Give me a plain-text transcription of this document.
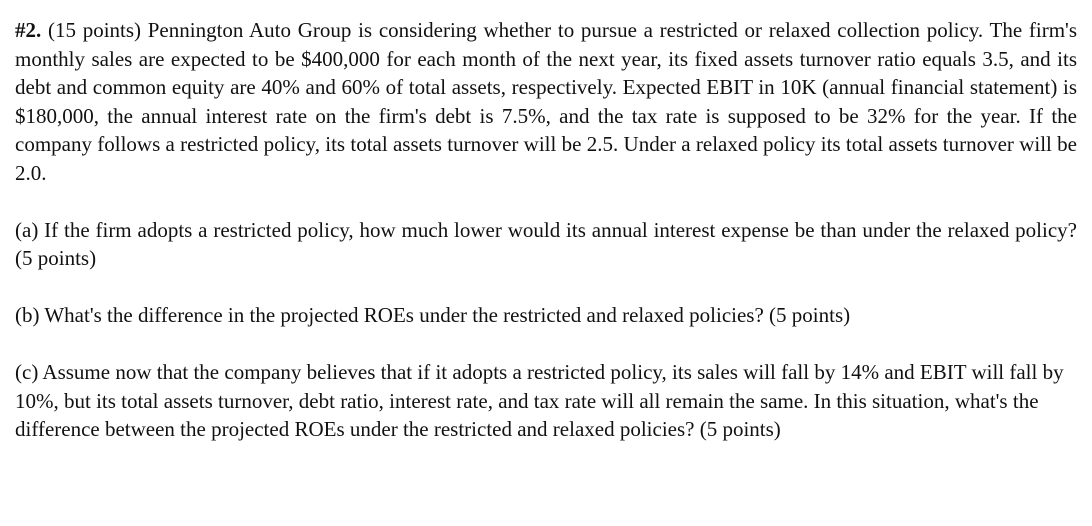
#2. (15 points) Pennington Auto Group is considering whether to pursue a restricted or relaxed collection policy. The firm's monthly sales are expected to be $400,000 for each month of the next year, its fixed assets turnover ratio equals 3.5, and its debt and common equity are 40% and 60% of total assets, respectively. Expected EBIT in 10K (annual financial statement) is $180,000, the annual interest rate on the firm's debt is 7.5%, and the tax rate is supposed to be 32% for the year. If the company follows a restricted policy, its total assets turnover will be 2.5. Under a relaxed policy its total assets turnover will be 2.0.

(a) If the firm adopts a restricted policy, how much lower would its annual interest expense be than under the relaxed policy? (5 points)

(b) What's the difference in the projected ROEs under the restricted and relaxed policies? (5 points)

(c) Assume now that the company believes that if it adopts a restricted policy, its sales will fall by 14% and EBIT will fall by 10%, but its total assets turnover, debt ratio, interest rate, and tax rate will all remain the same. In this situation, what's the difference between the projected ROEs under the restricted and relaxed policies? (5 points)
